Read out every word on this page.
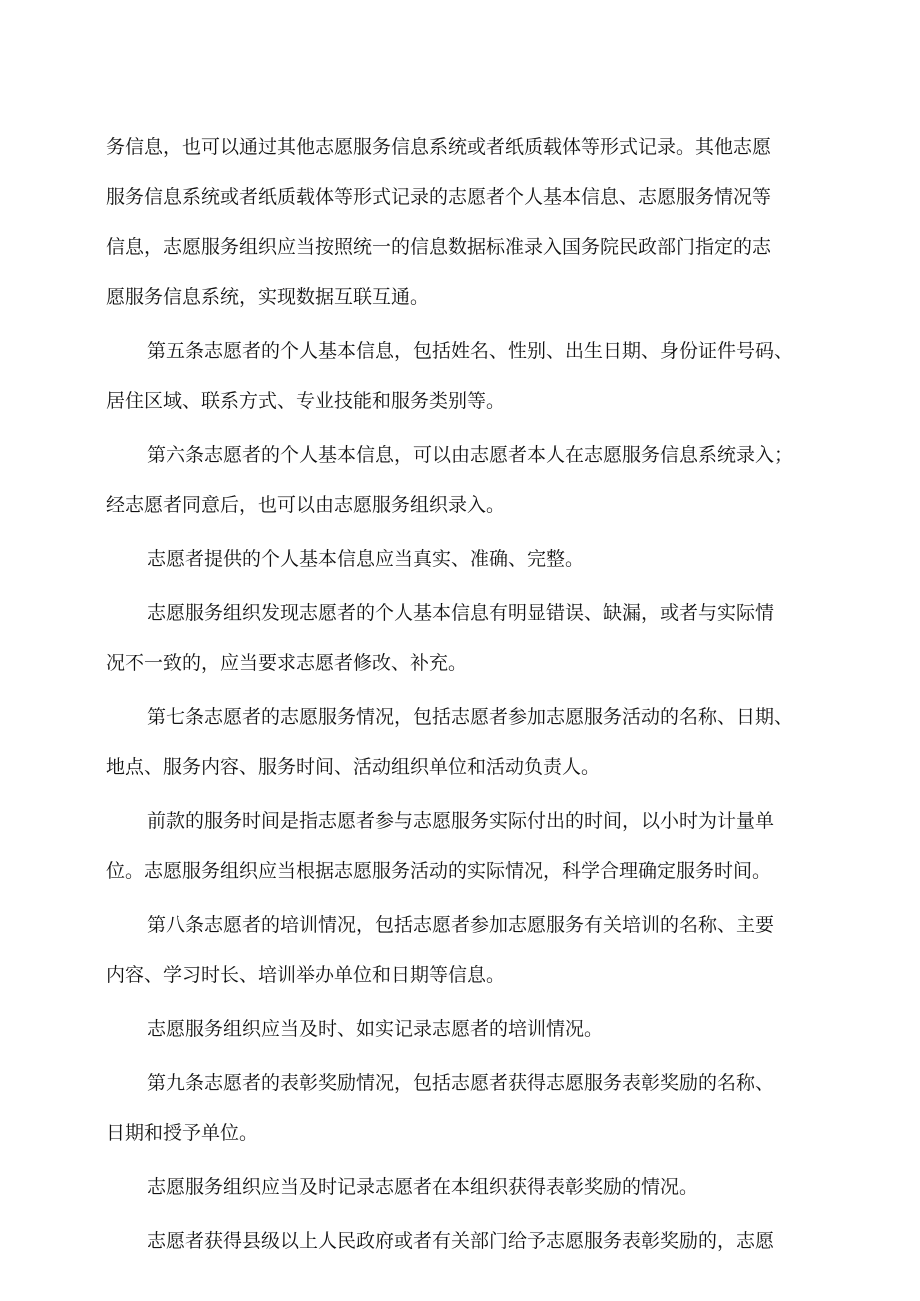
务信息，也可以通过其他志愿服务信息系统或者纸质载体等形式记录。其他志愿
服务信息系统或者纸质载体等形式记录的志愿者个人基本信息、志愿服务情况等
信息，志愿服务组织应当按照统一的信息数据标准录入国务院民政部门指定的志
愿服务信息系统，实现数据互联互通。

第五条志愿者的个人基本信息，包括姓名、性别、出生日期、身份证件号码、
居住区域、联系方式、专业技能和服务类别等。

第六条志愿者的个人基本信息，可以由志愿者本人在志愿服务信息系统录入；
经志愿者同意后，也可以由志愿服务组织录入。

志愿者提供的个人基本信息应当真实、准确、完整。

志愿服务组织发现志愿者的个人基本信息有明显错误、缺漏，或者与实际情
况不一致的，应当要求志愿者修改、补充。

第七条志愿者的志愿服务情况，包括志愿者参加志愿服务活动的名称、日期、
地点、服务内容、服务时间、活动组织单位和活动负责人。

前款的服务时间是指志愿者参与志愿服务实际付出的时间，以小时为计量单
位。志愿服务组织应当根据志愿服务活动的实际情况，科学合理确定服务时间。

第八条志愿者的培训情况，包括志愿者参加志愿服务有关培训的名称、主要
内容、学习时长、培训举办单位和日期等信息。

志愿服务组织应当及时、如实记录志愿者的培训情况。

第九条志愿者的表彰奖励情况，包括志愿者获得志愿服务表彰奖励的名称、
日期和授予单位。

志愿服务组织应当及时记录志愿者在本组织获得表彰奖励的情况。

志愿者获得县级以上人民政府或者有关部门给予志愿服务表彰奖励的，志愿
